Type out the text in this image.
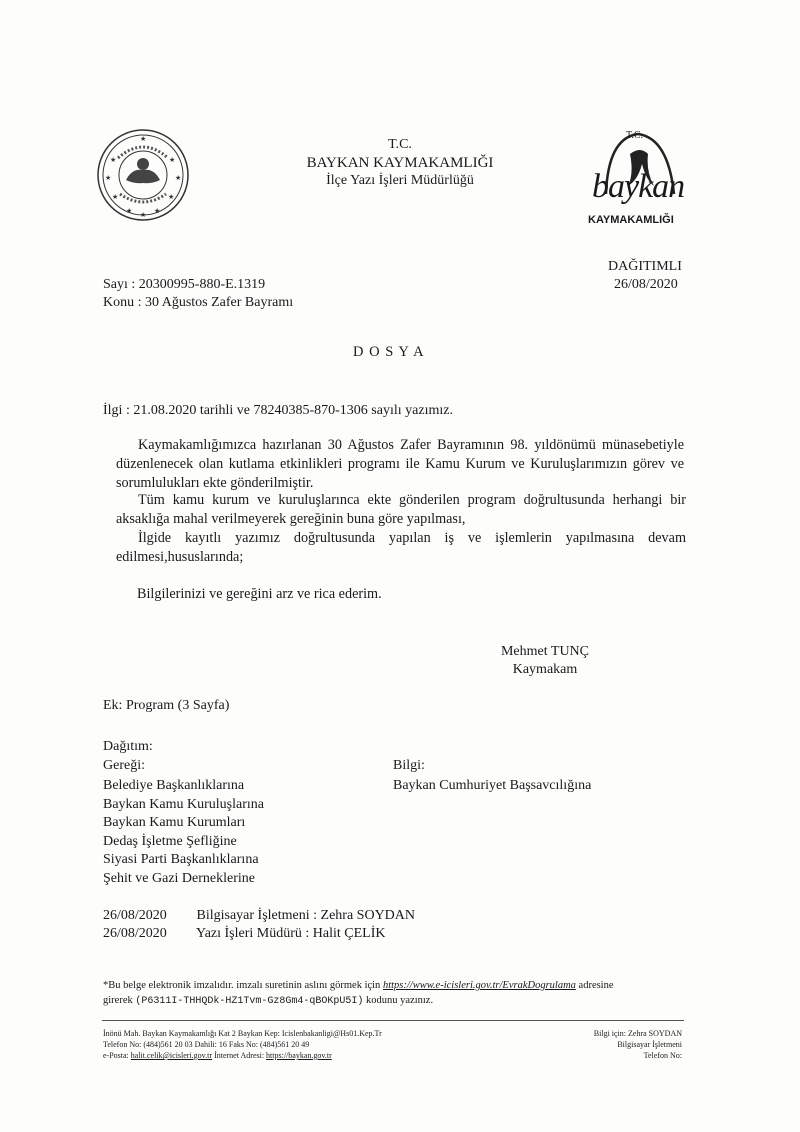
★	★
★	★
★	★
★	★
★
★	T.C.
BAYKAN KAYMAKAMLIĞI
İlçe Yazı İşleri Müdürlüğü
T.C.
baykan
KAYMAKAMLIĞI
DAĞITIMLI
26/08/2020
Sayı : 20300995-880-E.1319
Konu : 30 Ağustos Zafer Bayramı
D O S Y A
İlgi : 21.08.2020 tarihli ve 78240385-870-1306 sayılı yazımız.
Kaymakamlığımızca hazırlanan 30 Ağustos Zafer Bayramının 98. yıldönümü münasebetiyle düzenlenecek olan kutlama etkinlikleri programı ile Kamu Kurum ve Kuruluşlarımızın görev ve sorumlulukları ekte gönderilmiştir.
Tüm kamu kurum ve kuruluşlarınca ekte gönderilen program doğrultusunda herhangi bir aksaklığa mahal verilmeyerek gereğinin buna göre yapılması,
İlgide kayıtlı yazımız doğrultusunda yapılan iş ve işlemlerin yapılmasına devam edilmesi,hususlarında;
Bilgilerinizi ve gereğini arz ve rica ederim.
Mehmet TUNÇ
Kaymakam
Ek: Program (3 Sayfa)
Dağıtım:
Gereği:
Belediye Başkanlıklarına
Baykan Kamu Kuruluşlarına
Baykan Kamu Kurumları
Dedaş İşletme Şefliğine
Siyasi Parti Başkanlıklarına
Şehit ve Gazi Derneklerine
Bilgi:
Baykan Cumhuriyet Başsavcılığına
26/08/2020 Bilgisayar İşletmeni : Zehra SOYDAN
26/08/2020 Yazı İşleri Müdürü : Halit ÇELİK
*Bu belge elektronik imzalıdır. imzalı suretinin aslını görmek için https://www.e-icisleri.gov.tr/EvrakDogrulama adresine
girerek (P6311I-THHQDk-HZ1Tvm-Gz8Gm4-qBOKpU5I) kodunu yazınız.
İnönü Mah. Baykan Kaymakamlığı Kat 2 Baykan Kep: Icislenbakanligi@Hs01.Kep.Tr
Telefon No: (484)561 20 03 Dahili: 16 Faks No: (484)561 20 49
e-Posta: halit.celik@icisleri.gov.tr İnternet Adresi: https://baykan.gov.tr
Bilgi için: Zehra SOYDAN
Bilgisayar İşletmeni
Telefon No:
